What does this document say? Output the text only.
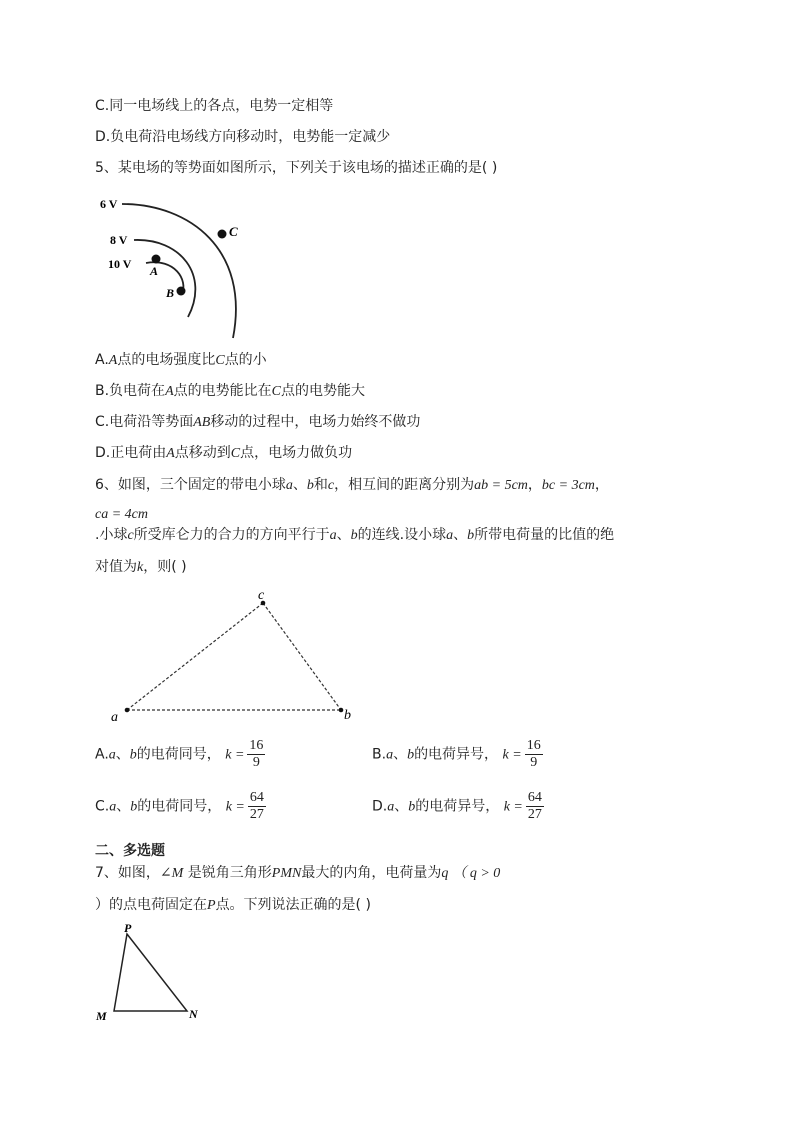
C.同一电场线上的各点，电势一定相等
D.负电荷沿电场线方向移动时，电势能一定减少
5、某电场的等势面如图所示，下列关于该电场的描述正确的是( )
6 V
8 V
10 V
C
A
B
A.A点的电场强度比C点的小
B.负电荷在A点的电势能比在C点的电势能大
C.电荷沿等势面AB移动的过程中，电场力始终不做功
D.正电荷由A点移动到C点，电场力做负功
6、如图，三个固定的带电小球a、b和c，相互间的距离分别为ab = 5cm，bc = 3cm，
ca = 4cm
.小球c所受库仑力的合力的方向平行于a、b的连线.设小球a、b所带电荷量的比值的绝
对值为k，则( )
a
c
b
A.a、b的电荷同号， $k = \frac{16}{9}$	B.a、b的电荷异号， $k = \frac{16}{9}$
C.a、b的电荷同号， $k = \frac{64}{27}$	D.a、b的电荷异号， $k = \frac{64}{27}$
二、多选题
7、如图，∠M 是锐角三角形PMN最大的内角，电荷量为q （ q > 0
）的点电荷固定在P点。下列说法正确的是( )
P
M	N
